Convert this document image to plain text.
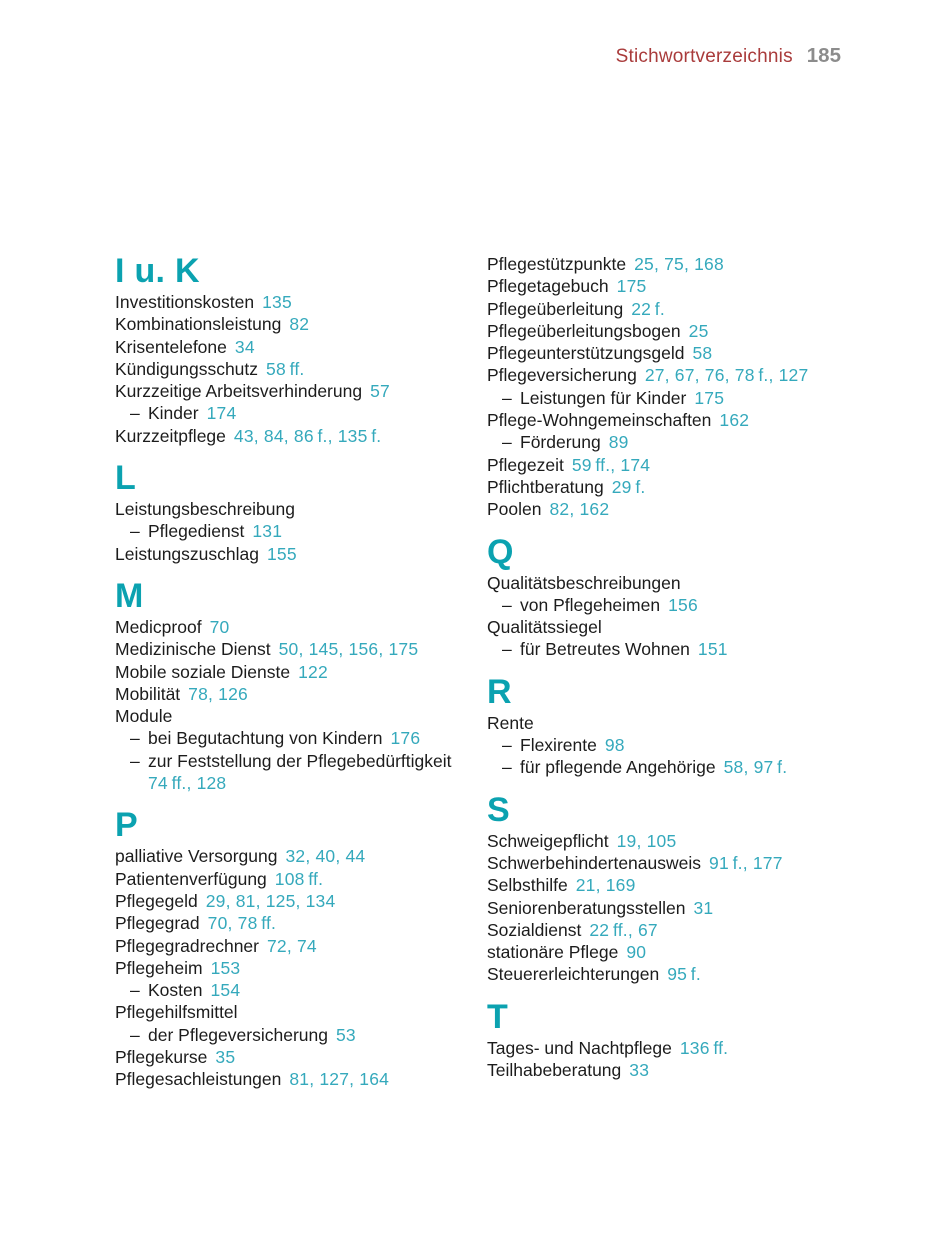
Stichwortverzeichnis 185
I u. K
Investitionskosten 135
Kombinationsleistung 82
Krisentelefone 34
Kündigungsschutz 58 ff.
Kurzzeitige Arbeitsverhinderung 57
– Kinder 174
Kurzzeitpflege 43, 84, 86 f., 135 f.
L
Leistungsbeschreibung
– Pflegedienst 131
Leistungszuschlag 155
M
Medicproof 70
Medizinische Dienst 50, 145, 156, 175
Mobile soziale Dienste 122
Mobilität 78, 126
Module
– bei Begutachtung von Kindern 176
– zur Feststellung der Pflegebedürftigkeit
74 ff., 128
P
palliative Versorgung 32, 40, 44
Patientenverfügung 108 ff.
Pflegegeld 29, 81, 125, 134
Pflegegrad 70, 78 ff.
Pflegegradrechner 72, 74
Pflegeheim 153
– Kosten 154
Pflegehilfsmittel
– der Pflegeversicherung 53
Pflegekurse 35
Pflegesachleistungen 81, 127, 164
Pflegestützpunkte 25, 75, 168
Pflegetagebuch 175
Pflegeüberleitung 22 f.
Pflegeüberleitungsbogen 25
Pflegeunterstützungsgeld 58
Pflegeversicherung 27, 67, 76, 78 f., 127
– Leistungen für Kinder 175
Pflege-Wohngemeinschaften 162
– Förderung 89
Pflegezeit 59 ff., 174
Pflichtberatung 29 f.
Poolen 82, 162
Q
Qualitätsbeschreibungen
– von Pflegeheimen 156
Qualitätssiegel
– für Betreutes Wohnen 151
R
Rente
– Flexirente 98
– für pflegende Angehörige 58, 97 f.
S
Schweigepflicht 19, 105
Schwerbehindertenausweis 91 f., 177
Selbsthilfe 21, 169
Seniorenberatungsstellen 31
Sozialdienst 22 ff., 67
stationäre Pflege 90
Steuererleichterungen 95 f.
T
Tages- und Nachtpflege 136 ff.
Teilhabeberatung 33
